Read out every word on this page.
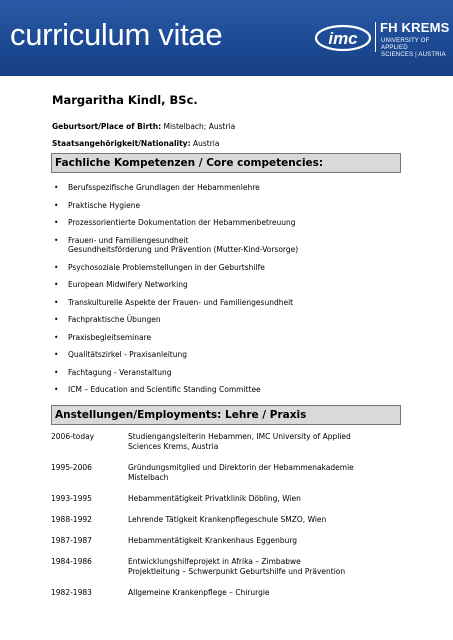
curriculum vitae	imc
FH KREMS
UNIVERSITY OF APPLIED
SCIENCES | AUSTRIA
Margaritha Kindl, BSc.
Geburtsort/Place of Birth: Mistelbach; Austria
Staatsangehörigkeit/Nationality: Austria
Fachliche Kompetenzen / Core competencies:
• Berufsspezifische Grundlagen der Hebammenlehre
• Praktische Hygiene
• Prozessorientierte Dokumentation der Hebammenbetreuung
• Frauen- und Familiengesundheit
Gesundheitsförderung und Prävention (Mutter-Kind-Vorsorge)
• Psychosoziale Problemstellungen in der Geburtshilfe
• European Midwifery Networking
• Transkulturelle Aspekte der Frauen- und Familiengesundheit
• Fachpraktische Übungen
• Praxisbegleitseminare
• Qualitätszirkel - Praxisanleitung
• Fachtagung - Veranstaltung
• ICM – Education and Scientific Standing Committee
Anstellungen/Employments: Lehre / Praxis
2006-today	Studiengangsleiterin Hebammen, IMC University of Applied
Sciences Krems, Austria
1995-2006	Gründungsmitglied und Direktorin der Hebammenakademie
Mistelbach
1993-1995	Hebammentätigkeit Privatklinik Döbling, Wien
1988-1992	Lehrende Tätigkeit Krankenpflegeschule SMZO, Wien
1987-1987	Hebammentätigkeit Krankenhaus Eggenburg
1984-1986	Entwicklungshilfeprojekt in Afrika – Zimbabwe
Projektleitung – Schwerpunkt Geburtshilfe und Prävention
1982-1983	Allgemeine Krankenpflege – Chirurgie
